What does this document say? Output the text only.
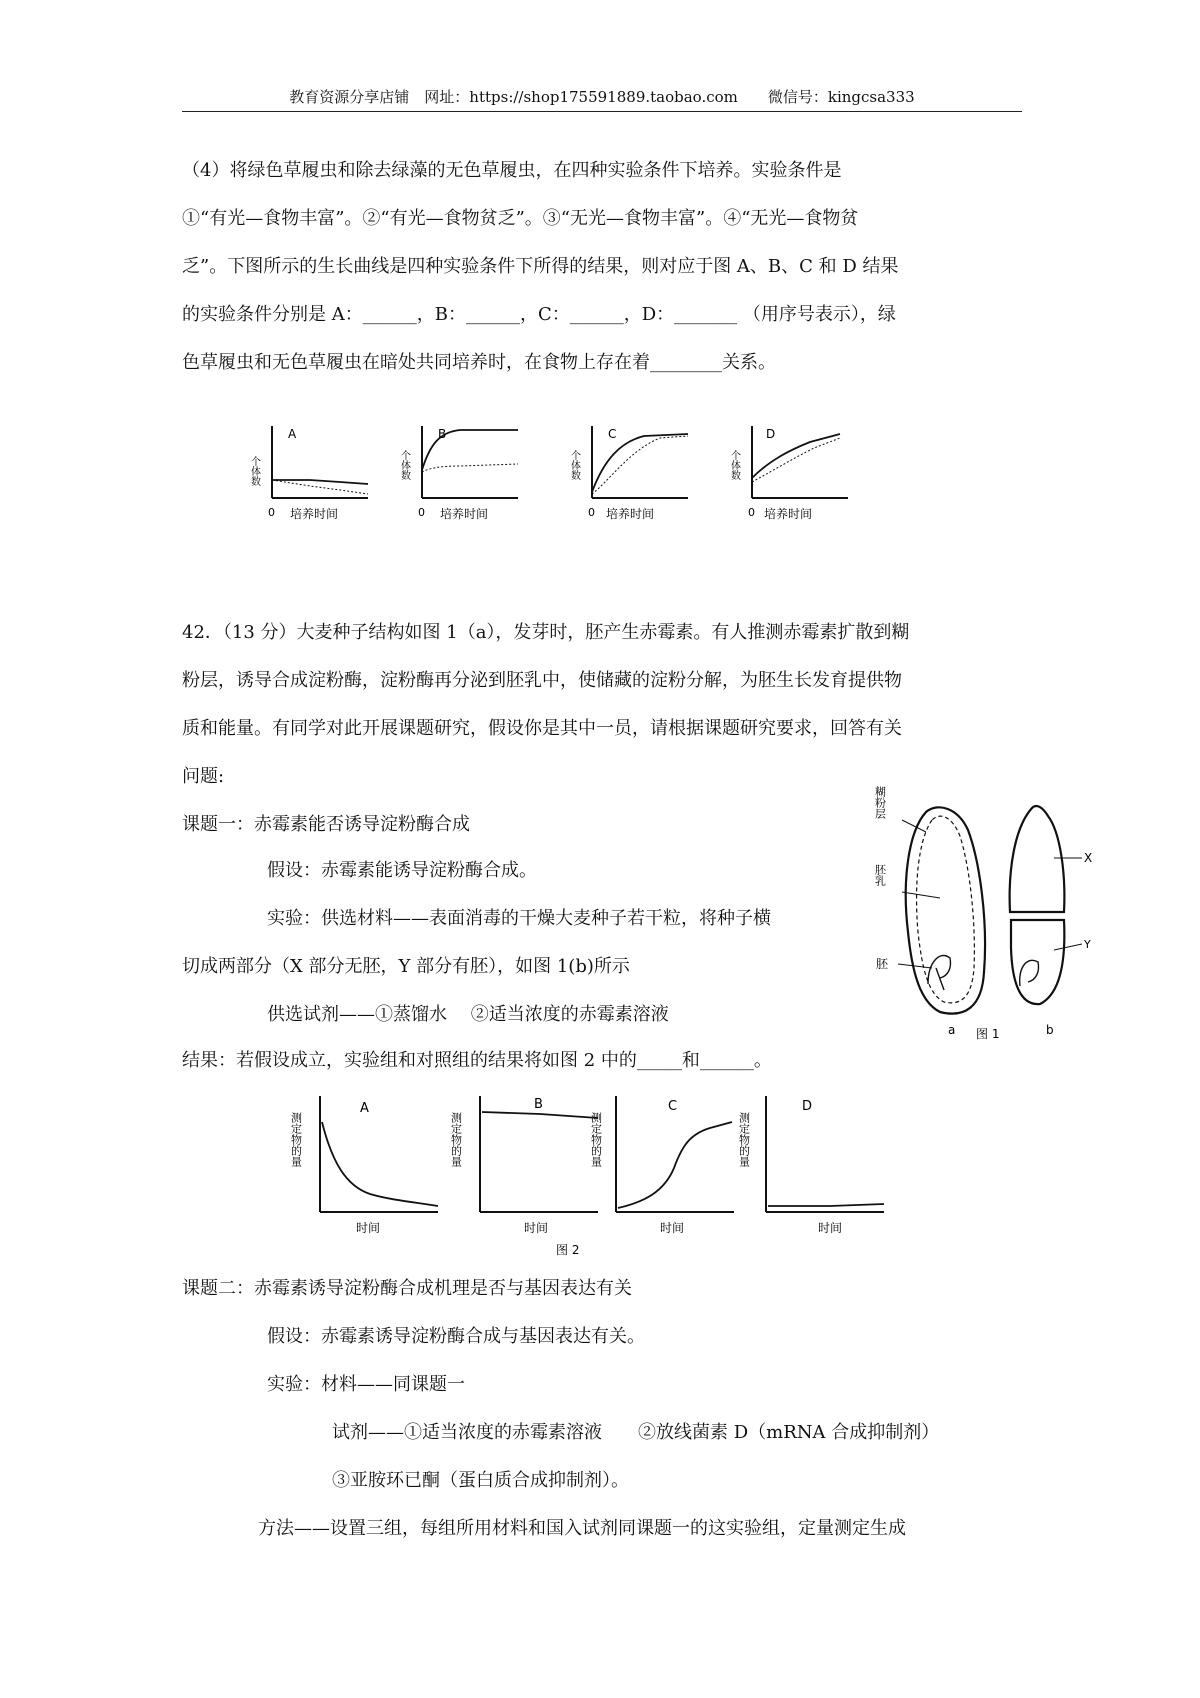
教育资源分享店铺　网址：https://shop175591889.taobao.com　　微信号：kingcsa333
（4）将绿色草履虫和除去绿藻的无色草履虫，在四种实验条件下培养。实验条件是
①“有光—食物丰富”。②“有光—食物贫乏”。③“无光—食物丰富”。④“无光—食物贫
乏”。下图所示的生长曲线是四种实验条件下所得的结果，则对应于图 A、B、C 和 D 结果
的实验条件分别是 A：______，B：______，C：______，D：_______ （用序号表示），绿
色草履虫和无色草履虫在暗处共同培养时，在食物上存在着________关系。
A
个体数
0 培养时间
B
个体数
0 培养时间
C
个体数
0 培养时间
D
个体数
0 培养时间
42．（13 分）大麦种子结构如图 1（a），发芽时，胚产生赤霉素。有人推测赤霉素扩散到糊
粉层，诱导合成淀粉酶，淀粉酶再分泌到胚乳中，使储藏的淀粉分解，为胚生长发育提供物
质和能量。有同学对此开展课题研究，假设你是其中一员，请根据课题研究要求，回答有关
问题:
课题一：赤霉素能否诱导淀粉酶合成
假设：赤霉素能诱导淀粉酶合成。
实验：供选材料——表面消毒的干燥大麦种子若干粒，将种子横
切成两部分（X 部分无胚，Y 部分有胚），如图 1(b)所示
供选试剂——①蒸馏水　 ②适当浓度的赤霉素溶液
结果：若假设成立，实验组和对照组的结果将如图 2 中的_____和______。
糊粉层
胚乳
胚
a
X
Y
b
图 1
A
测定物的量
时间
B
测定物的量
时间
C
测定物的量
时间
D
测定物的量
时间
图 2
课题二：赤霉素诱导淀粉酶合成机理是否与基因表达有关
假设：赤霉素诱导淀粉酶合成与基因表达有关。
实验：材料——同课题一
试剂——①适当浓度的赤霉素溶液　　②放线菌素 D（mRNA 合成抑制剂）
③亚胺环已酮（蛋白质合成抑制剂）。
方法——设置三组，每组所用材料和国入试剂同课题一的这实验组，定量测定生成
